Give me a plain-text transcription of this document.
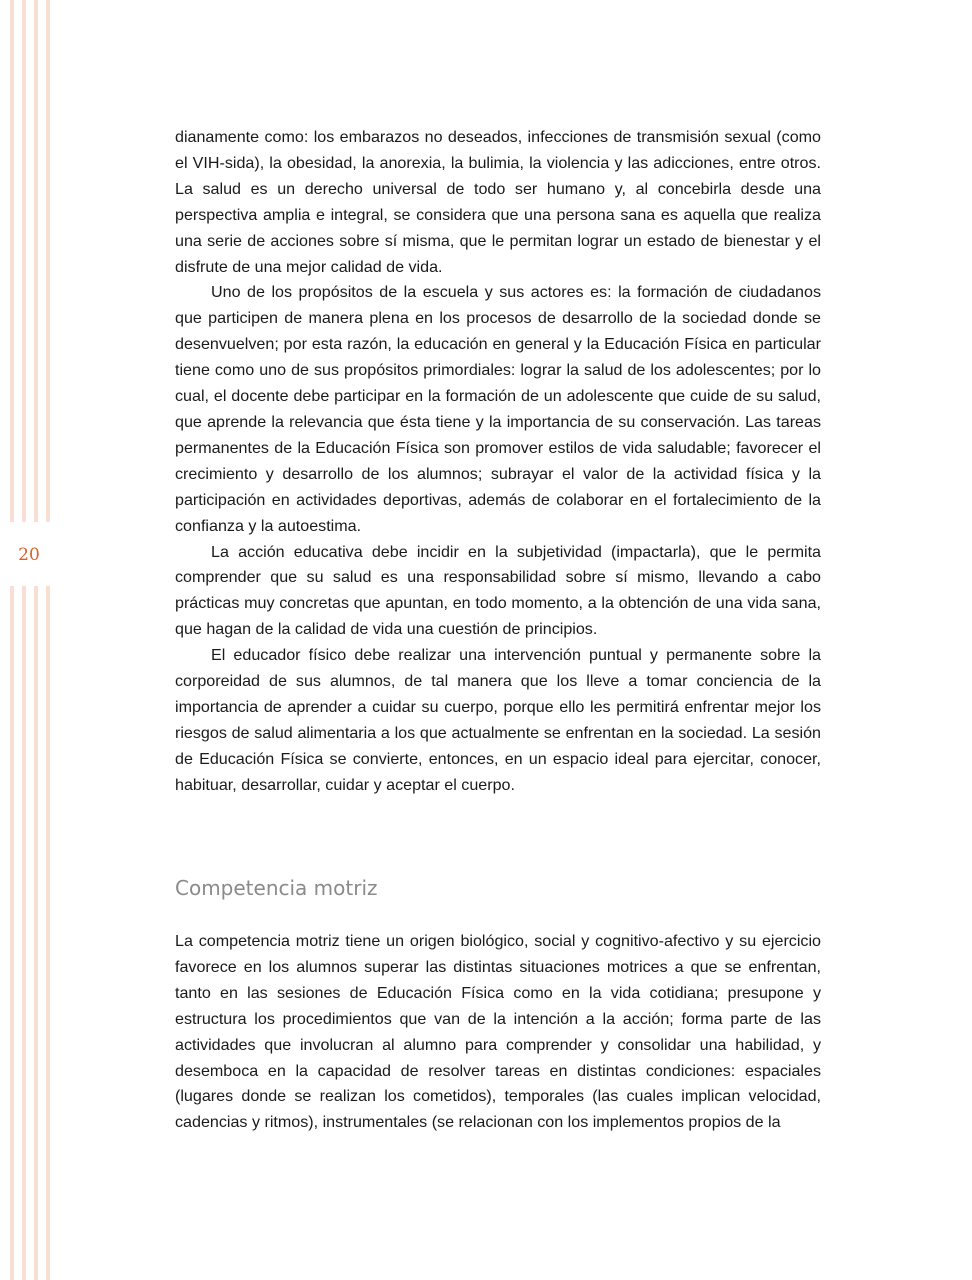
20

dianamente como: los embarazos no deseados, infecciones de transmisión sexual (como el VIH-sida), la obesidad, la anorexia, la bulimia, la violencia y las adicciones, entre otros. La salud es un derecho universal de todo ser humano y, al concebirla desde una perspectiva amplia e integral, se considera que una persona sana es aquella que realiza una serie de acciones sobre sí misma, que le permitan lograr un estado de bienestar y el disfrute de una mejor calidad de vida.

Uno de los propósitos de la escuela y sus actores es: la formación de ciudadanos que participen de manera plena en los procesos de desarrollo de la sociedad donde se desenvuelven; por esta razón, la educación en general y la Educación Física en particular tiene como uno de sus propósitos primordiales: lograr la salud de los adolescentes; por lo cual, el docente debe participar en la formación de un adolescente que cuide de su salud, que aprende la relevancia que ésta tiene y la importancia de su conservación. Las tareas permanentes de la Educación Física son promover estilos de vida saludable; favorecer el crecimiento y desarrollo de los alumnos; subrayar el valor de la actividad física y la participación en actividades deportivas, además de colaborar en el fortalecimiento de la confianza y la autoestima.

La acción educativa debe incidir en la subjetividad (impactarla), que le permita comprender que su salud es una responsabilidad sobre sí mismo, llevando a cabo prácticas muy concretas que apuntan, en todo momento, a la obtención de una vida sana, que hagan de la calidad de vida una cuestión de principios.

El educador físico debe realizar una intervención puntual y permanente sobre la corporeidad de sus alumnos, de tal manera que los lleve a tomar conciencia de la importancia de aprender a cuidar su cuerpo, porque ello les permitirá enfrentar mejor los riesgos de salud alimentaria a los que actualmente se enfrentan en la sociedad. La sesión de Educación Física se convierte, entonces, en un espacio ideal para ejercitar, conocer, habituar, desarrollar, cuidar y aceptar el cuerpo.

Competencia motriz

La competencia motriz tiene un origen biológico, social y cognitivo-afectivo y su ejercicio favorece en los alumnos superar las distintas situaciones motrices a que se enfrentan, tanto en las sesiones de Educación Física como en la vida cotidiana; presupone y estructura los procedimientos que van de la intención a la acción; forma parte de las actividades que involucran al alumno para comprender y consolidar una habilidad, y desemboca en la capacidad de resolver tareas en distintas condiciones: espaciales (lugares donde se realizan los cometidos), temporales (las cuales implican velocidad, cadencias y ritmos), instrumentales (se relacionan con los implementos propios de la
